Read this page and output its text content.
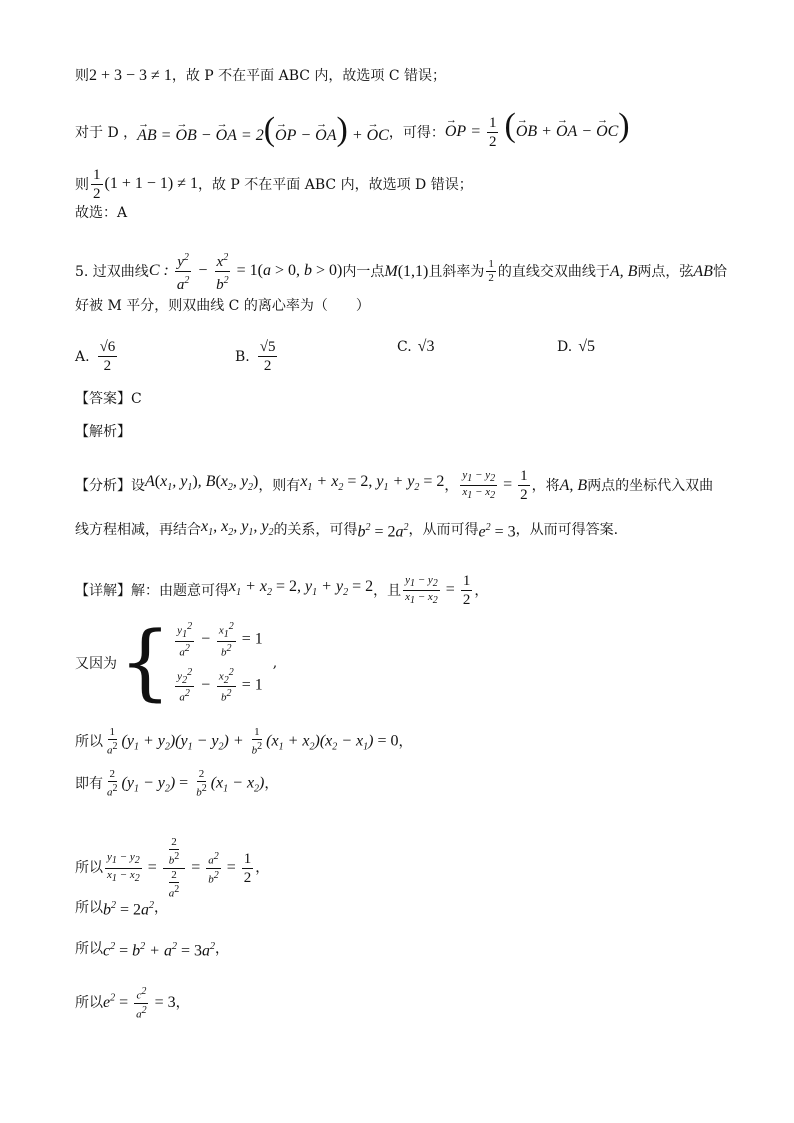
则 2 + 3 − 3 ≠ 1 ，故 P 不在平面 ABC 内，故选项 C 错误；
对于 D ， → AB = → OB − → OA = 2(→ OP − → OA) + → OC ，可得： → OP = $\frac{1}{2}$ (→ OB + → OA − → OC)
则 $\frac{1}{2} (1 + 1 - 1) \ne 1$ ，故 P 不在平面 ABC 内，故选项 D 错误；
故选：A
5. 过双曲线 C : $\frac{y^2}{a^2} - \frac{x^2}{b^2} = 1(a > 0$, b > 0) 内一点 M(1,1) 且斜率为 $\frac{1}{2}$ 的直线交双曲线于 A, B 两点，弦 AB 恰
好被 M 平分，则双曲线 C 的离心率为（　　）
A. $\frac{√6}{2}$	B. $\frac{√5}{2}$	C. √3	D. √5
【答案】C
【解析】
【分析】设 $A(x_1$, $y_1$), $B(x_2$, $y_2$) ，则有 $x_1 + x_2 = 2$, $y_1 + y_2 = 2$ ， $\frac{y_1 - y_2}{x_1 - x_2} = \frac{1}{2}$ ，将 A, B 两点的坐标代入双曲
线方程相减，再结合 $x_1$, $x_2$, $y_1$, $y_2$ 的关系，可得 $b^2 = 2a^2$ ，从而可得 $e^2 = 3$ ，从而可得答案.
【详解】解：由题意可得 $x_1 + x_2 = 2$, $y_1 + y_2 = 2$ ，且 $\frac{y_1 - y_2}{x_1 - x_2} = \frac{1}{2}$ ，
又因为 { $\frac{y_1^2}{a^2} - \frac{x_1^2}{b^2} = 1$
$\frac{y_2^2}{a^2} - \frac{x_2^2}{b^2} = 1$
,
所以 $\frac{1}{a^2} (y_1 + y_2)(y_1 - y_2) + \frac{1}{b^2} (x_1 + x_2)(x_2 - x_1) = 0$ ，
即有 $\frac{2}{a^2} (y_1 - y_2) = \frac{2}{b^2} (x_1 - x_2)$ ，
所以 $\frac{y_1 - y_2}{x_1 - x_2} = \frac{\frac{2}{b^2}}{\frac{2}{a^2}} = \frac{a^2}{b^2} = \frac{1}{2}$ ，
所以 $b^2 = 2a^2$ ，
所以 $c^2 = b^2 + a^2 = 3a^2$ ，
所以 $e^2 = \frac{c^2}{a^2} = 3$ ，
